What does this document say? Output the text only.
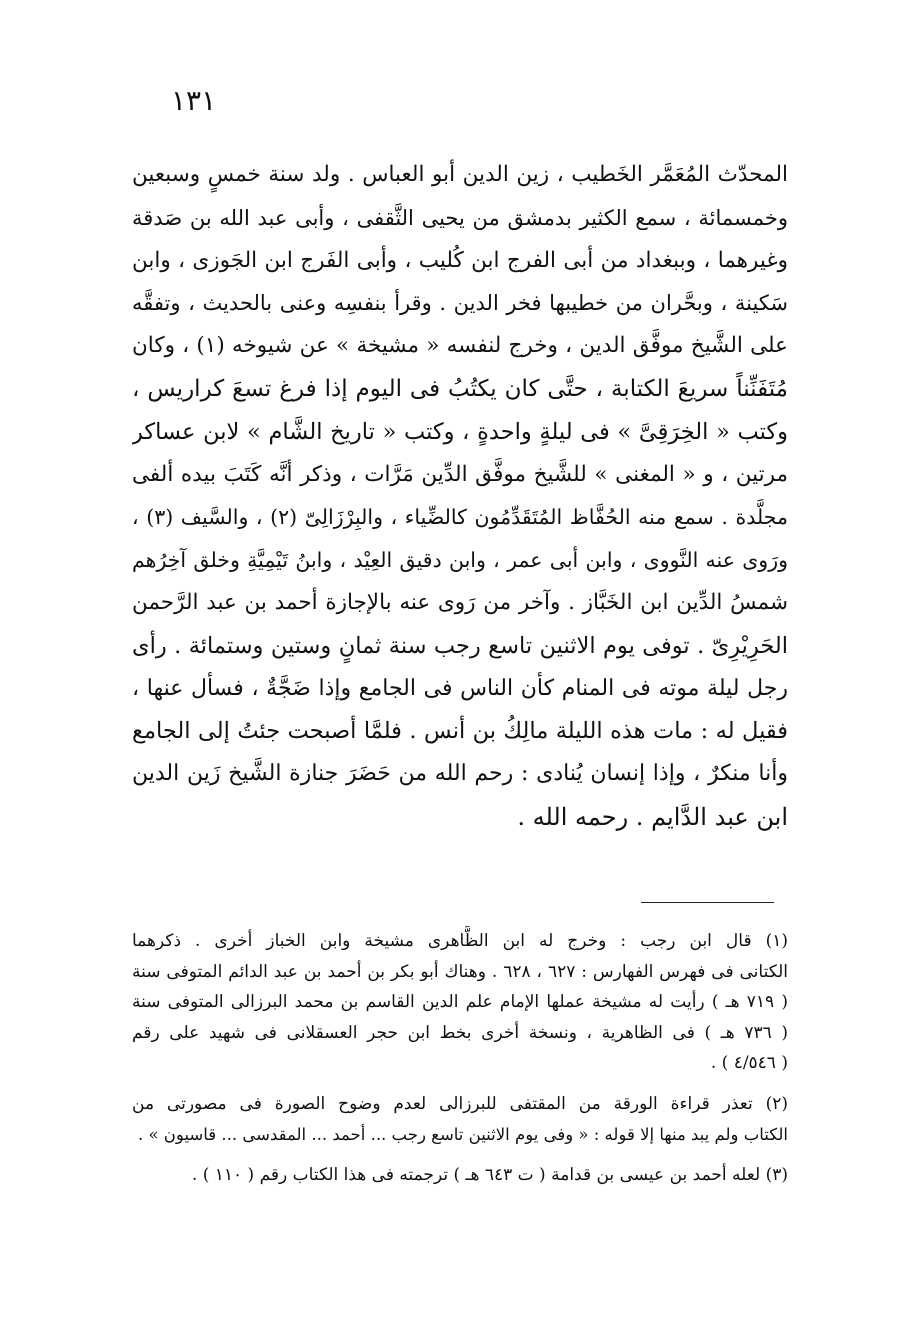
١٣١
المحدّث المُعَمَّر الخَطيب ، زين الدين أبو العباس . ولد سنة خمسٍ وسبعين
وخمسمائة ، سمع الكثير بدمشق من يحيى الثَّقفى ، وأبى عبد الله بن صَدقة
وغيرهما ، وببغداد من أبى الفرج ابن كُليب ، وأبى الفَرج ابن الجَوزى ، وابن
سَكينة ، وبحَّران من خطيبها فخر الدين . وقرأ بنفسِه وعنى بالحديث ، وتفقَّه
على الشَّيخ موفَّق الدين ، وخرج لنفسه « مشيخة » عن شيوخه (١) ، وكان
مُتَفَنِّناً سريعَ الكتابة ، حتَّى كان يكتُبُ فى اليوم إذا فرغ تسعَ كراريس ،
وكتب « الخِرَقِىَّ » فى ليلةٍ واحدةٍ ، وكتب « تاريخ الشَّام » لابن عساكر
مرتين ، و « المغنى » للشَّيخ موفَّق الدِّين مَرَّات ، وذكر أنَّه كَتَبَ بيده ألفى
مجلَّدة . سمع منه الحُفَّاظ المُتَقَدِّمُون كالضِّياء ، والبِرْزَالِىّ (٢) ، والسَّيف (٣) ،
ورَوى عنه النَّووى ، وابن أبى عمر ، وابن دقيق العِيْد ، وابنُ تَيْمِيَّةِ وخلق آخِرُهم
شمسُ الدِّين ابن الخَبَّاز . وآخر من رَوى عنه بالإجازة أحمد بن عبد الرَّحمن
الحَرِيْرِىّ . توفى يوم الاثنين تاسع رجب سنة ثمانٍ وستين وستمائة . رأى
رجل ليلة موته فى المنام كأن الناس فى الجامع وإذا ضَجَّةٌ ، فسأل عنها ،
فقيل له : مات هذه الليلة مالِكُ بن أنس . فلمَّا أصبحت جئتُ إلى الجامع
وأنا منكرٌ ، وإذا إنسان يُنادى : رحم الله من حَضَرَ جنازة الشَّيخ زَين الدين
ابن عبد الدَّايم . رحمه الله .
(١) قال ابن رجب : وخرج له ابن الظَّاهرى مشيخة وابن الخباز أخرى . ذكرهما
الكتانى فى فهرس الفهارس : ٦٢٧ ، ٦٢٨ . وهناك أبو بكر بن أحمد بن عبد الدائم المتوفى سنة
( ٧١٩ هـ ) رأيت له مشيخة عملها الإمام علم الدين القاسم بن محمد البرزالى المتوفى سنة
( ٧٣٦ هـ ) فى الظاهرية ، ونسخة أخرى بخط ابن حجر العسقلانى فى شهيد على رقم
( ٤/٥٤٦ ) .
(٢) تعذر قراءة الورقة من المقتفى للبرزالى لعدم وضوح الصورة فى مصورتى من
الكتاب ولم يبد منها إلا قوله : « وفى يوم الاثنين تاسع رجب ... أحمد ... المقدسى ... قاسيون » .
(٣) لعله أحمد بن عيسى بن قدامة ( ت ٦٤٣ هـ ) ترجمته فى هذا الكتاب رقم ( ١١٠ ) .
